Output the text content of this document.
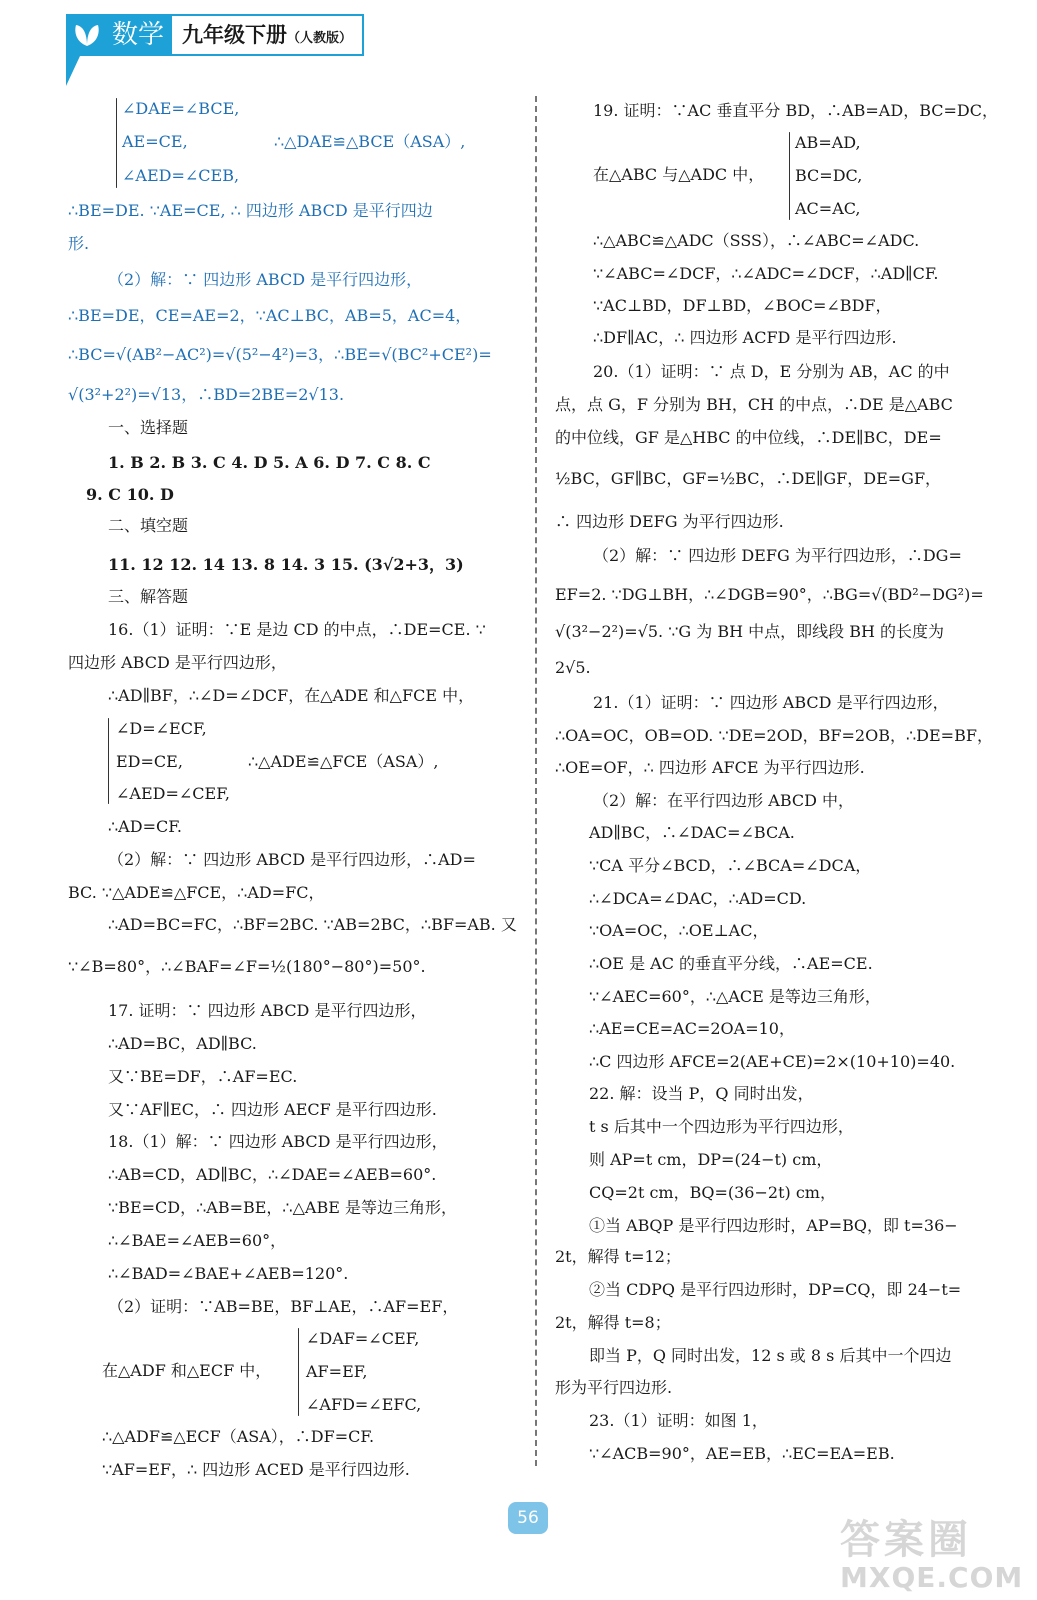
数学 九年级下册（人教版）
∠DAE=∠BCE,
AE=CE,	∴△DAE≌△BCE（ASA）,
∠AED=∠CEB,
∴BE=DE. ∵AE=CE, ∴ 四边形 ABCD 是平行四边
形.
（2）解：∵ 四边形 ABCD 是平行四边形，
∴BE=DE，CE=AE=2，∵AC⊥BC，AB=5，AC=4，
∴BC=√(AB²−AC²)=√(5²−4²)=3，∴BE=√(BC²+CE²)=
√(3²+2²)=√13，∴BD=2BE=2√13.
一、选择题
1. B 2. B 3. C 4. D 5. A 6. D 7. C 8. C
9. C 10. D
二、填空题
11. 12 12. 14 13. 8 14. 3 15. (3√2+3，3)
三、解答题
16.（1）证明：∵E 是边 CD 的中点，∴DE=CE. ∵
四边形 ABCD 是平行四边形，
∴AD∥BF，∴∠D=∠DCF，在△ADE 和△FCE 中，
∠D=∠ECF,
ED=CE,	∴△ADE≌△FCE（ASA）,
∠AED=∠CEF,
∴AD=CF.
（2）解：∵ 四边形 ABCD 是平行四边形，∴AD=
BC. ∵△ADE≌△FCE，∴AD=FC，
∴AD=BC=FC，∴BF=2BC. ∵AB=2BC，∴BF=AB. 又
∵∠B=80°，∴∠BAF=∠F=½(180°−80°)=50°.
17. 证明：∵ 四边形 ABCD 是平行四边形，
∴AD=BC，AD∥BC.
又∵BE=DF，∴AF=EC.
又∵AF∥EC，∴ 四边形 AECF 是平行四边形.
18.（1）解：∵ 四边形 ABCD 是平行四边形，
∴AB=CD，AD∥BC，∴∠DAE=∠AEB=60°.
∵BE=CD，∴AB=BE，∴△ABE 是等边三角形，
∴∠BAE=∠AEB=60°，
∴∠BAD=∠BAE+∠AEB=120°.
（2）证明：∵AB=BE，BF⊥AE，∴AF=EF，
∠DAF=∠CEF,
在△ADF 和△ECF 中， AF=EF,
∠AFD=∠EFC,
∴△ADF≌△ECF（ASA），∴DF=CF.
∵AF=EF，∴ 四边形 ACED 是平行四边形.
19. 证明：∵AC 垂直平分 BD，∴AB=AD，BC=DC，
AB=AD,
在△ABC 与△ADC 中， BC=DC,
AC=AC,
∴△ABC≌△ADC（SSS），∴∠ABC=∠ADC.
∵∠ABC=∠DCF，∴∠ADC=∠DCF，∴AD∥CF.
∵AC⊥BD，DF⊥BD，∠BOC=∠BDF，
∴DF∥AC，∴ 四边形 ACFD 是平行四边形.
20.（1）证明：∵ 点 D，E 分别为 AB，AC 的中
点，点 G，F 分别为 BH，CH 的中点，∴DE 是△ABC
的中位线，GF 是△HBC 的中位线，∴DE∥BC，DE=
½BC，GF∥BC，GF=½BC，∴DE∥GF，DE=GF，
∴ 四边形 DEFG 为平行四边形.
（2）解：∵ 四边形 DEFG 为平行四边形，∴DG=
EF=2. ∵DG⊥BH，∴∠DGB=90°，∴BG=√(BD²−DG²)=
√(3²−2²)=√5. ∵G 为 BH 中点，即线段 BH 的长度为
2√5.
21.（1）证明：∵ 四边形 ABCD 是平行四边形，
∴OA=OC，OB=OD. ∵DE=2OD，BF=2OB，∴DE=BF，
∴OE=OF，∴ 四边形 AFCE 为平行四边形.
（2）解：在平行四边形 ABCD 中，
AD∥BC，∴∠DAC=∠BCA.
∵CA 平分∠BCD，∴∠BCA=∠DCA，
∴∠DCA=∠DAC，∴AD=CD.
∵OA=OC，∴OE⊥AC，
∴OE 是 AC 的垂直平分线，∴AE=CE.
∵∠AEC=60°，∴△ACE 是等边三角形，
∴AE=CE=AC=2OA=10，
∴C 四边形 AFCE=2(AE+CE)=2×(10+10)=40.
22. 解：设当 P，Q 同时出发，
t s 后其中一个四边形为平行四边形，
则 AP=t cm，DP=(24−t) cm，
CQ=2t cm，BQ=(36−2t) cm，
①当 ABQP 是平行四边形时，AP=BQ，即 t=36−
2t，解得 t=12；
②当 CDPQ 是平行四边形时，DP=CQ，即 24−t=
2t，解得 t=8；
即当 P，Q 同时出发，12 s 或 8 s 后其中一个四边
形为平行四边形.
23.（1）证明：如图 1，
∵∠ACB=90°，AE=EB，∴EC=EA=EB.
56	答案圈
MXQE.COM
